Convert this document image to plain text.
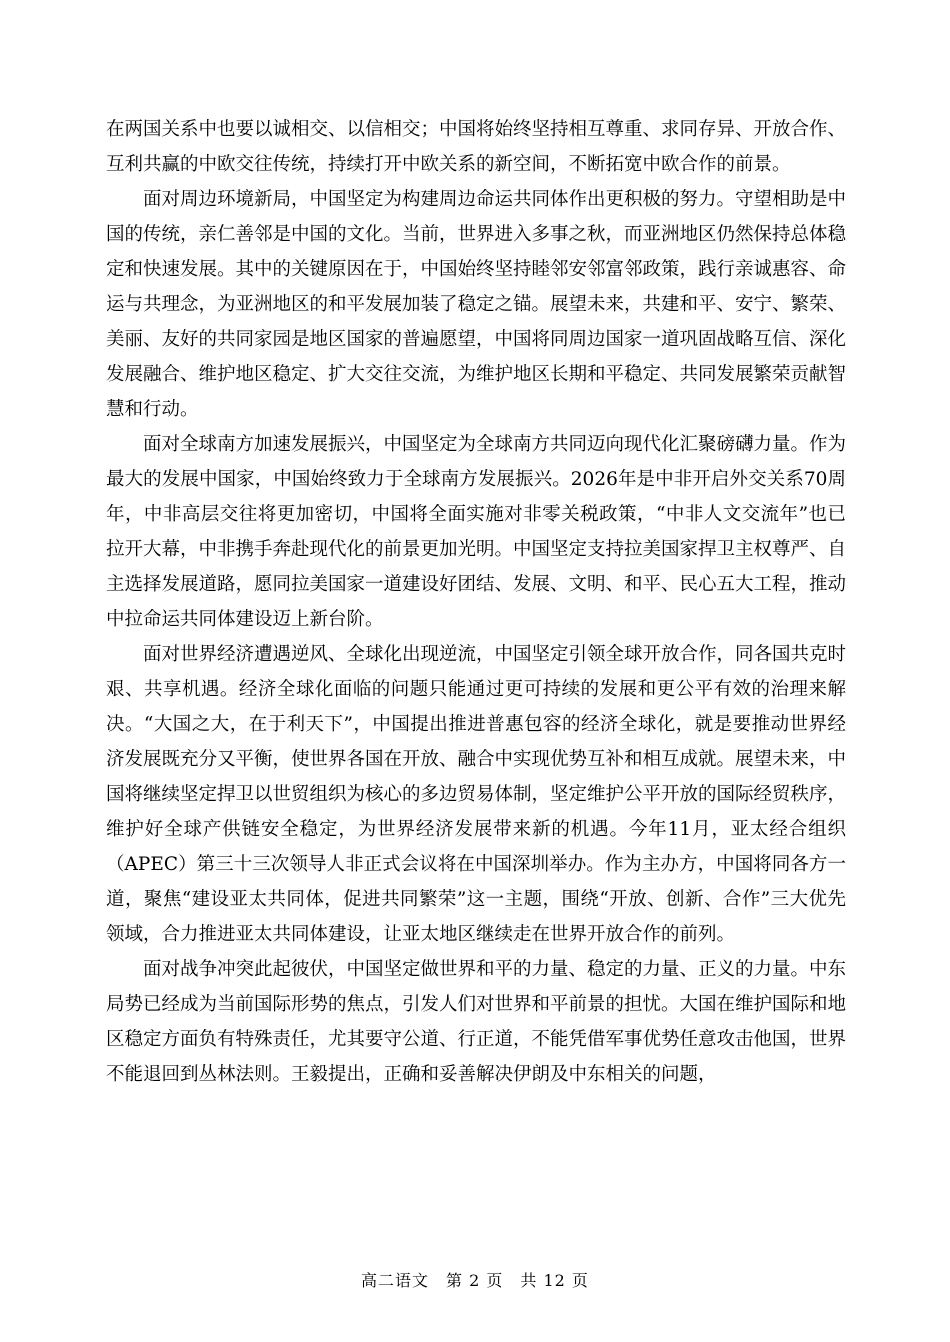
在两国关系中也要以诚相交、以信相交；中国将始终坚持相互尊重、求同存异、开放合作、互利共赢的中欧交往传统，持续打开中欧关系的新空间，不断拓宽中欧合作的前景。

面对周边环境新局，中国坚定为构建周边命运共同体作出更积极的努力。守望相助是中国的传统，亲仁善邻是中国的文化。当前，世界进入多事之秋，而亚洲地区仍然保持总体稳定和快速发展。其中的关键原因在于，中国始终坚持睦邻安邻富邻政策，践行亲诚惠容、命运与共理念，为亚洲地区的和平发展加装了稳定之锚。展望未来，共建和平、安宁、繁荣、美丽、友好的共同家园是地区国家的普遍愿望，中国将同周边国家一道巩固战略互信、深化发展融合、维护地区稳定、扩大交往交流，为维护地区长期和平稳定、共同发展繁荣贡献智慧和行动。

面对全球南方加速发展振兴，中国坚定为全球南方共同迈向现代化汇聚磅礴力量。作为最大的发展中国家，中国始终致力于全球南方发展振兴。2026年是中非开启外交关系70周年，中非高层交往将更加密切，中国将全面实施对非零关税政策，“中非人文交流年”也已拉开大幕，中非携手奔赴现代化的前景更加光明。中国坚定支持拉美国家捍卫主权尊严、自主选择发展道路，愿同拉美国家一道建设好团结、发展、文明、和平、民心五大工程，推动中拉命运共同体建设迈上新台阶。

面对世界经济遭遇逆风、全球化出现逆流，中国坚定引领全球开放合作，同各国共克时艰、共享机遇。经济全球化面临的问题只能通过更可持续的发展和更公平有效的治理来解决。“大国之大，在于利天下”，中国提出推进普惠包容的经济全球化，就是要推动世界经济发展既充分又平衡，使世界各国在开放、融合中实现优势互补和相互成就。展望未来，中国将继续坚定捍卫以世贸组织为核心的多边贸易体制，坚定维护公平开放的国际经贸秩序，维护好全球产供链安全稳定，为世界经济发展带来新的机遇。今年11月，亚太经合组织（APEC）第三十三次领导人非正式会议将在中国深圳举办。作为主办方，中国将同各方一道，聚焦“建设亚太共同体，促进共同繁荣”这一主题，围绕“开放、创新、合作”三大优先领域，合力推进亚太共同体建设，让亚太地区继续走在世界开放合作的前列。

面对战争冲突此起彼伏，中国坚定做世界和平的力量、稳定的力量、正义的力量。中东局势已经成为当前国际形势的焦点，引发人们对世界和平前景的担忧。大国在维护国际和地区稳定方面负有特殊责任，尤其要守公道、行正道，不能凭借军事优势任意攻击他国，世界不能退回到丛林法则。王毅提出，正确和妥善解决伊朗及中东相关的问题，

高二语文　第 2 页　共 12 页
